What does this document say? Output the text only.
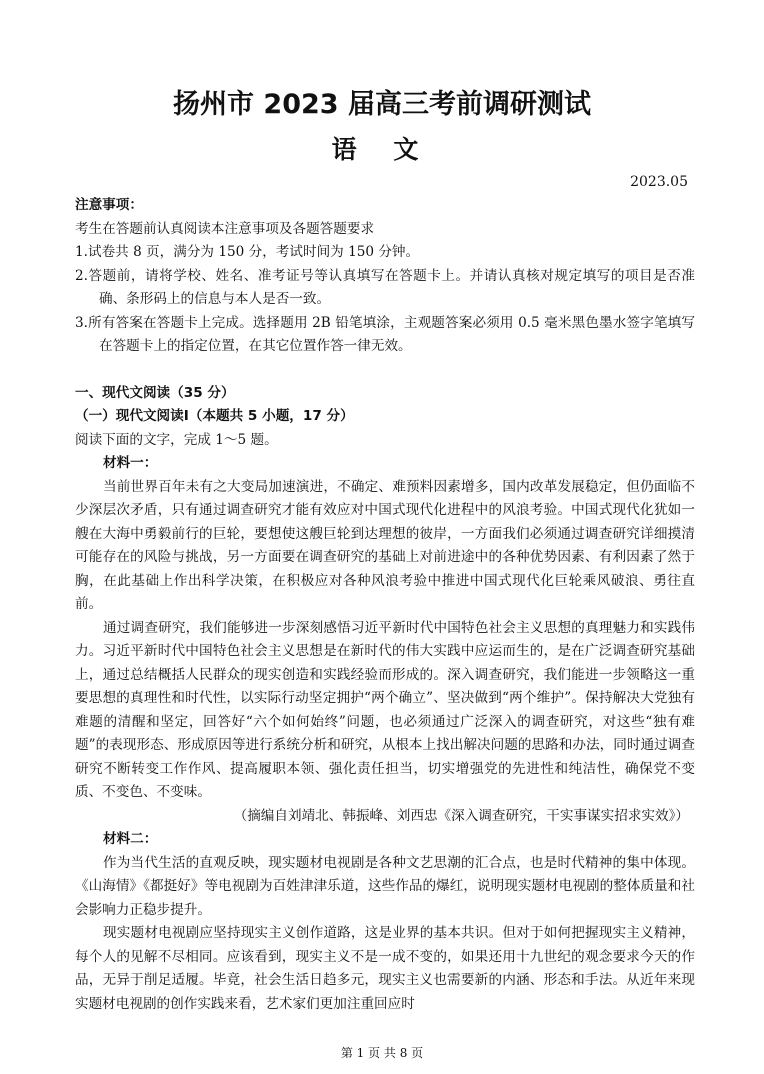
扬州市 2023 届高三考前调研测试
语 文
2023.05

注意事项：

考生在答题前认真阅读本注意事项及各题答题要求

1.试卷共 8 页，满分为 150 分，考试时间为 150 分钟。

2.答题前，请将学校、姓名、准考证号等认真填写在答题卡上。并请认真核对规定填写的项目是否准确、条形码上的信息与本人是否一致。

3.所有答案在答题卡上完成。选择题用 2B 铅笔填涂，主观题答案必须用 0.5 毫米黑色墨水签字笔填写在答题卡上的指定位置，在其它位置作答一律无效。

一、现代文阅读（35 分）

（一）现代文阅读Ⅰ（本题共 5 小题，17 分）

阅读下面的文字，完成 1～5 题。

材料一：

当前世界百年未有之大变局加速演进，不确定、难预料因素增多，国内改革发展稳定，但仍面临不少深层次矛盾，只有通过调查研究才能有效应对中国式现代化进程中的风浪考验。中国式现代化犹如一艘在大海中勇毅前行的巨轮，要想使这艘巨轮到达理想的彼岸，一方面我们必须通过调查研究详细摸清可能存在的风险与挑战，另一方面要在调查研究的基础上对前进途中的各种优势因素、有利因素了然于胸，在此基础上作出科学决策，在积极应对各种风浪考验中推进中国式现代化巨轮乘风破浪、勇往直前。

通过调查研究，我们能够进一步深刻感悟习近平新时代中国特色社会主义思想的真理魅力和实践伟力。习近平新时代中国特色社会主义思想是在新时代的伟大实践中应运而生的，是在广泛调查研究基础上，通过总结概括人民群众的现实创造和实践经验而形成的。深入调查研究，我们能进一步领略这一重要思想的真理性和时代性，以实际行动坚定拥护“两个确立”、坚决做到“两个维护”。保持解决大党独有难题的清醒和坚定，回答好“六个如何始终”问题，也必须通过广泛深入的调查研究，对这些“独有难题”的表现形态、形成原因等进行系统分析和研究，从根本上找出解决问题的思路和办法，同时通过调查研究不断转变工作作风、提高履职本领、强化责任担当，切实增强党的先进性和纯洁性，确保党不变质、不变色、不变味。

（摘编自刘靖北、韩振峰、刘西忠《深入调查研究，干实事谋实招求实效》）

材料二：

作为当代生活的直观反映，现实题材电视剧是各种文艺思潮的汇合点，也是时代精神的集中体现。《山海情》《都挺好》等电视剧为百姓津津乐道，这些作品的爆红，说明现实题材电视剧的整体质量和社会影响力正稳步提升。

现实题材电视剧应坚持现实主义创作道路，这是业界的基本共识。但对于如何把握现实主义精神，每个人的见解不尽相同。应该看到，现实主义不是一成不变的，如果还用十九世纪的观念要求今天的作品，无异于削足适履。毕竟，社会生活日趋多元，现实主义也需要新的内涵、形态和手法。从近年来现实题材电视剧的创作实践来看，艺术家们更加注重回应时

第 1 页 共 8 页
